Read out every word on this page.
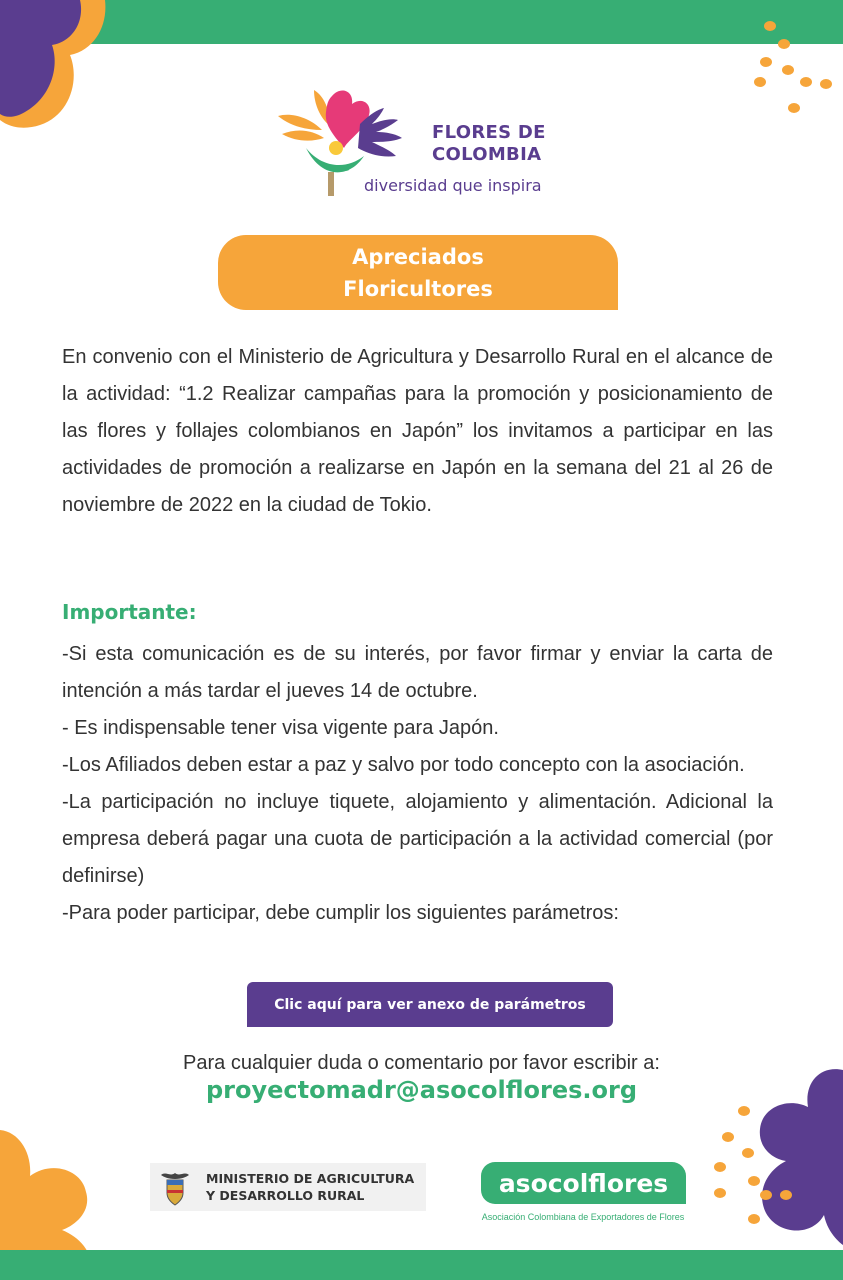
®
FLORES DE
COLOMBIA
diversidad que inspira
Apreciados
Floricultores

En convenio con el Ministerio de Agricultura y Desarrollo Rural en el alcance de la actividad: “1.2 Realizar campañas para la promoción y posicionamiento de las flores y follajes colombianos en Japón” los invitamos a participar en las actividades de promoción a realizarse en Japón en la semana del 21 al 26 de noviembre de 2022 en la ciudad de Tokio.

Importante:
-Si esta comunicación es de su interés, por favor firmar y enviar la carta de intención a más tardar el jueves 14 de octubre.
- Es indispensable tener visa vigente para Japón.
-Los Afiliados deben estar a paz y salvo por todo concepto con la asociación.
-La participación no incluye tiquete, alojamiento y alimentación. Adicional la empresa deberá pagar una cuota de participación a la actividad comercial (por definirse)
-Para poder participar, debe cumplir los siguientes parámetros:
Clic aquí para ver anexo de parámetros
Para cualquier duda o comentario por favor escribir a:
proyectomadr@asocolflores.org
MINISTERIO DE AGRICULTURA
Y DESARROLLO RURAL	asocolflores
Asociación Colombiana de Exportadores de Flores
